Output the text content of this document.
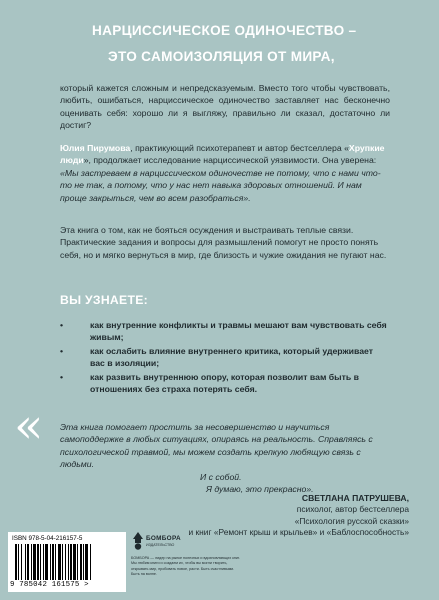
НАРЦИССИЧЕСКОЕ ОДИНОЧЕСТВО –
ЭТО САМОИЗОЛЯЦИЯ ОТ МИРА,
который кажется сложным и непредсказуемым. Вместо того чтобы чувствовать, любить, ошибаться, нарциссическое одиночество заставляет нас бесконечно оценивать себя: хорошо ли я выгляжу, правильно ли сказал, достаточно ли достиг?
Юлия Пирумова, практикующий психотерапевт и автор бестселлера «Хрупкие люди», продолжает исследование нарциссической уязвимости. Она уверена: «Мы застреваем в нарциссическом одиночестве не потому, что с нами что-то не так, а потому, что у нас нет навыка здоровых отношений. И нам проще закрыться, чем во всем разобраться».
Эта книга о том, как не бояться осуждения и выстраивать теплые связи. Практические задания и вопросы для размышлений помогут не просто понять себя, но и мягко вернуться в мир, где близость и чужие ожидания не пугают нас.
ВЫ УЗНАЕТЕ:
•	как внутренние конфликты и травмы мешают вам чувствовать себя живым;
•	как ослабить влияние внутреннего критика, который удерживает вас в изоляции;
•	как развить внутреннюю опору, которая позволит вам быть в отношениях без страха потерять себя.
« Эта книга помогает простить за несовершенство и научиться самоподдержке в любых ситуациях, опираясь на реальность. Справляясь с психологической травмой, мы можем создать крепкую любящую связь с людьми.
И с собой.
Я думаю, это прекрасно».
СВЕТЛАНА ПАТРУШЕВА,
психолог, автор бестселлера
«Психология русской сказки»
и книг «Ремонт крыш и крыльев» и «Баблоспособность»
ISBN 978-5-04-216157-5
9 785042 161575 >
БОМБОРА
ИЗДАТЕЛЬСТВО
БОМБОРА — лидер на рынке полезных и вдохновляющих книг. Мы любим книги и создаем их, чтобы вы могли творить, открывать мир, пробовать новое, расти. Быть счастливыми. Быть на волне.
